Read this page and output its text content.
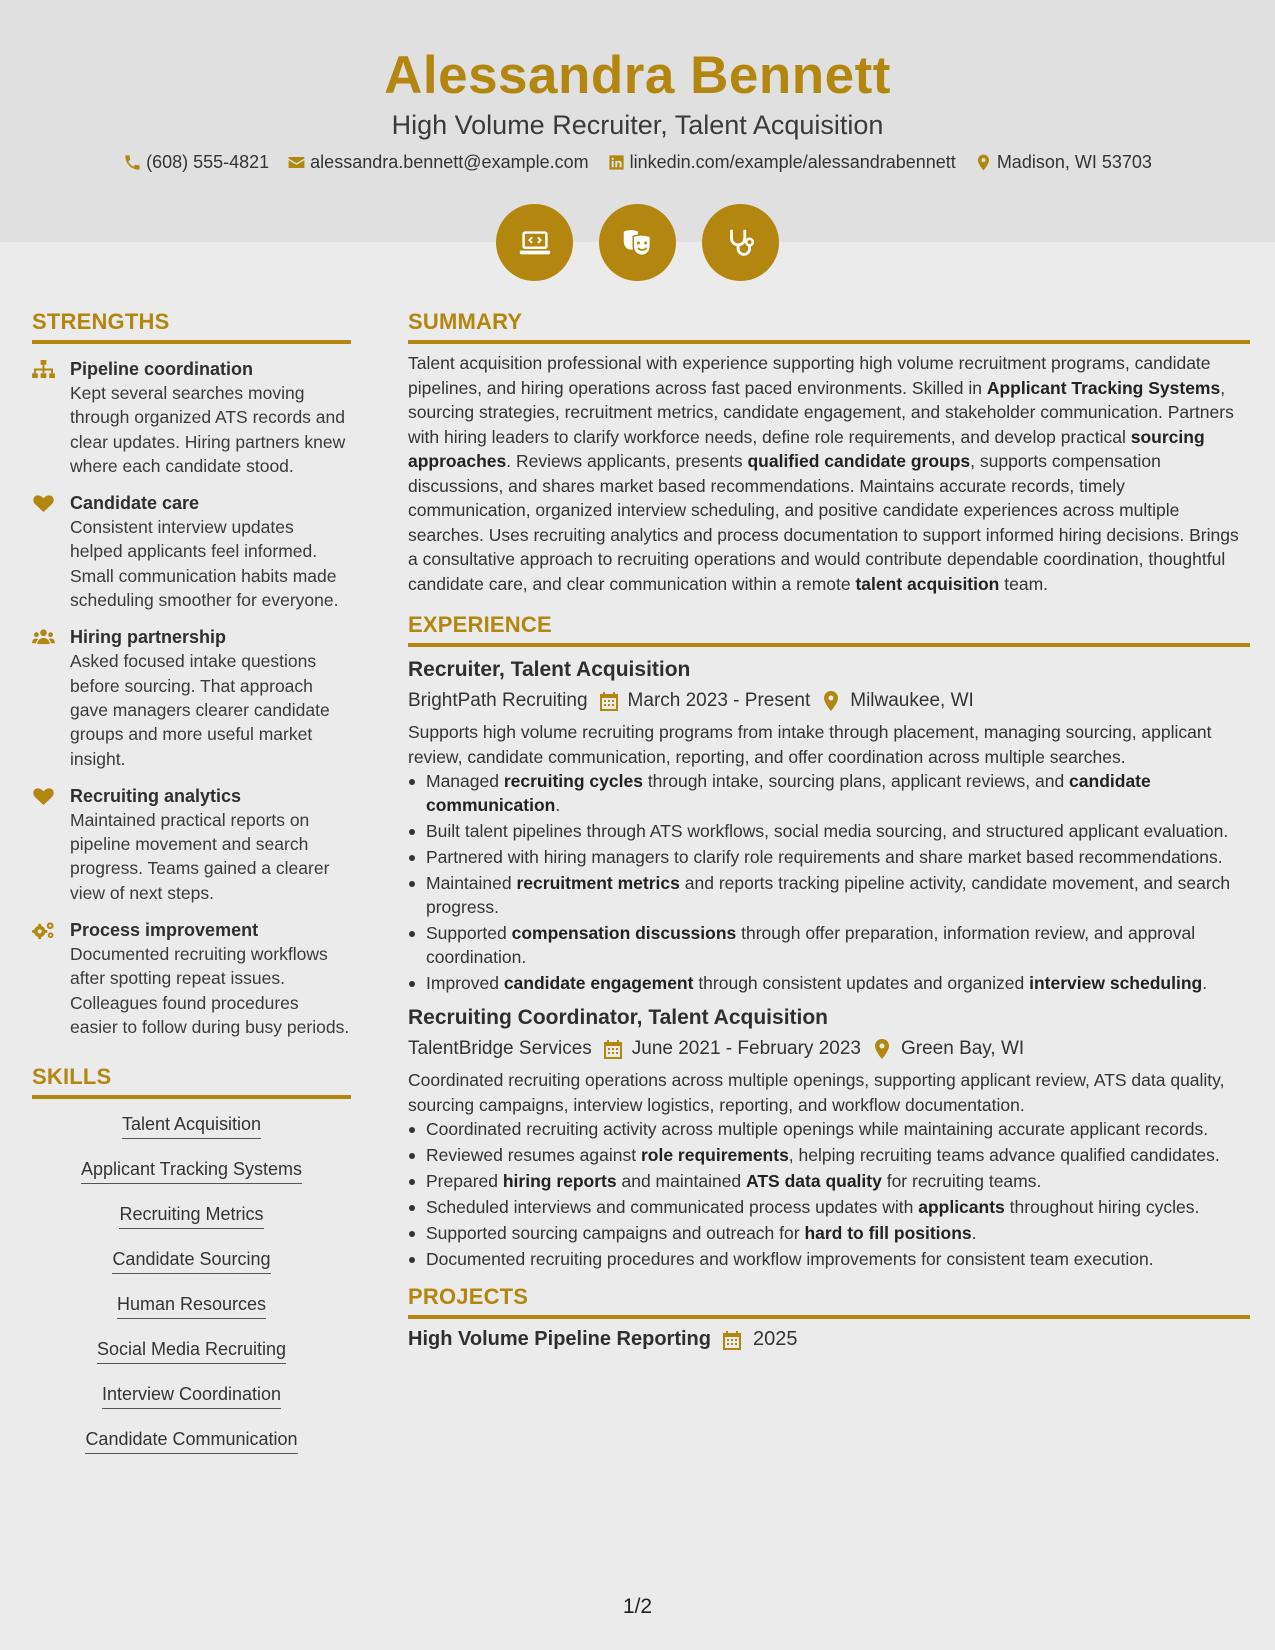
Alessandra Bennett
High Volume Recruiter, Talent Acquisition
(608) 555-4821 alessandra.bennett@example.com linkedin.com/example/alessandrabennett Madison, WI 53703
STRENGTHS
Pipeline coordination
Kept several searches moving through organized ATS records and clear updates. Hiring partners knew where each candidate stood.
Candidate care
Consistent interview updates helped applicants feel informed. Small communication habits made scheduling smoother for everyone.
Hiring partnership
Asked focused intake questions before sourcing. That approach gave managers clearer candidate groups and more useful market insight.
Recruiting analytics
Maintained practical reports on pipeline movement and search progress. Teams gained a clearer view of next steps.
Process improvement
Documented recruiting workflows after spotting repeat issues. Colleagues found procedures easier to follow during busy periods.
SKILLS
Talent Acquisition
Applicant Tracking Systems
Recruiting Metrics
Candidate Sourcing
Human Resources
Social Media Recruiting
Interview Coordination
Candidate Communication
SUMMARY
Talent acquisition professional with experience supporting high volume recruitment programs, candidate pipelines, and hiring operations across fast paced environments. Skilled in Applicant Tracking Systems, sourcing strategies, recruitment metrics, candidate engagement, and stakeholder communication. Partners with hiring leaders to clarify workforce needs, define role requirements, and develop practical sourcing approaches. Reviews applicants, presents qualified candidate groups, supports compensation discussions, and shares market based recommendations. Maintains accurate records, timely communication, organized interview scheduling, and positive candidate experiences across multiple searches. Uses recruiting analytics and process documentation to support informed hiring decisions. Brings a consultative approach to recruiting operations and would contribute dependable coordination, thoughtful candidate care, and clear communication within a remote talent acquisition team.
EXPERIENCE
Recruiter, Talent Acquisition
BrightPath Recruiting March 2023 - Present Milwaukee, WI
Supports high volume recruiting programs from intake through placement, managing sourcing, applicant review, candidate communication, reporting, and offer coordination across multiple searches.
Managed recruiting cycles through intake, sourcing plans, applicant reviews, and candidate communication.
Built talent pipelines through ATS workflows, social media sourcing, and structured applicant evaluation.
Partnered with hiring managers to clarify role requirements and share market based recommendations.
Maintained recruitment metrics and reports tracking pipeline activity, candidate movement, and search progress.
Supported compensation discussions through offer preparation, information review, and approval coordination.
Improved candidate engagement through consistent updates and organized interview scheduling.
Recruiting Coordinator, Talent Acquisition
TalentBridge Services June 2021 - February 2023 Green Bay, WI
Coordinated recruiting operations across multiple openings, supporting applicant review, ATS data quality, sourcing campaigns, interview logistics, reporting, and workflow documentation.
Coordinated recruiting activity across multiple openings while maintaining accurate applicant records.
Reviewed resumes against role requirements, helping recruiting teams advance qualified candidates.
Prepared hiring reports and maintained ATS data quality for recruiting teams.
Scheduled interviews and communicated process updates with applicants throughout hiring cycles.
Supported sourcing campaigns and outreach for hard to fill positions.
Documented recruiting procedures and workflow improvements for consistent team execution.
PROJECTS
High Volume Pipeline Reporting 2025
1/2
